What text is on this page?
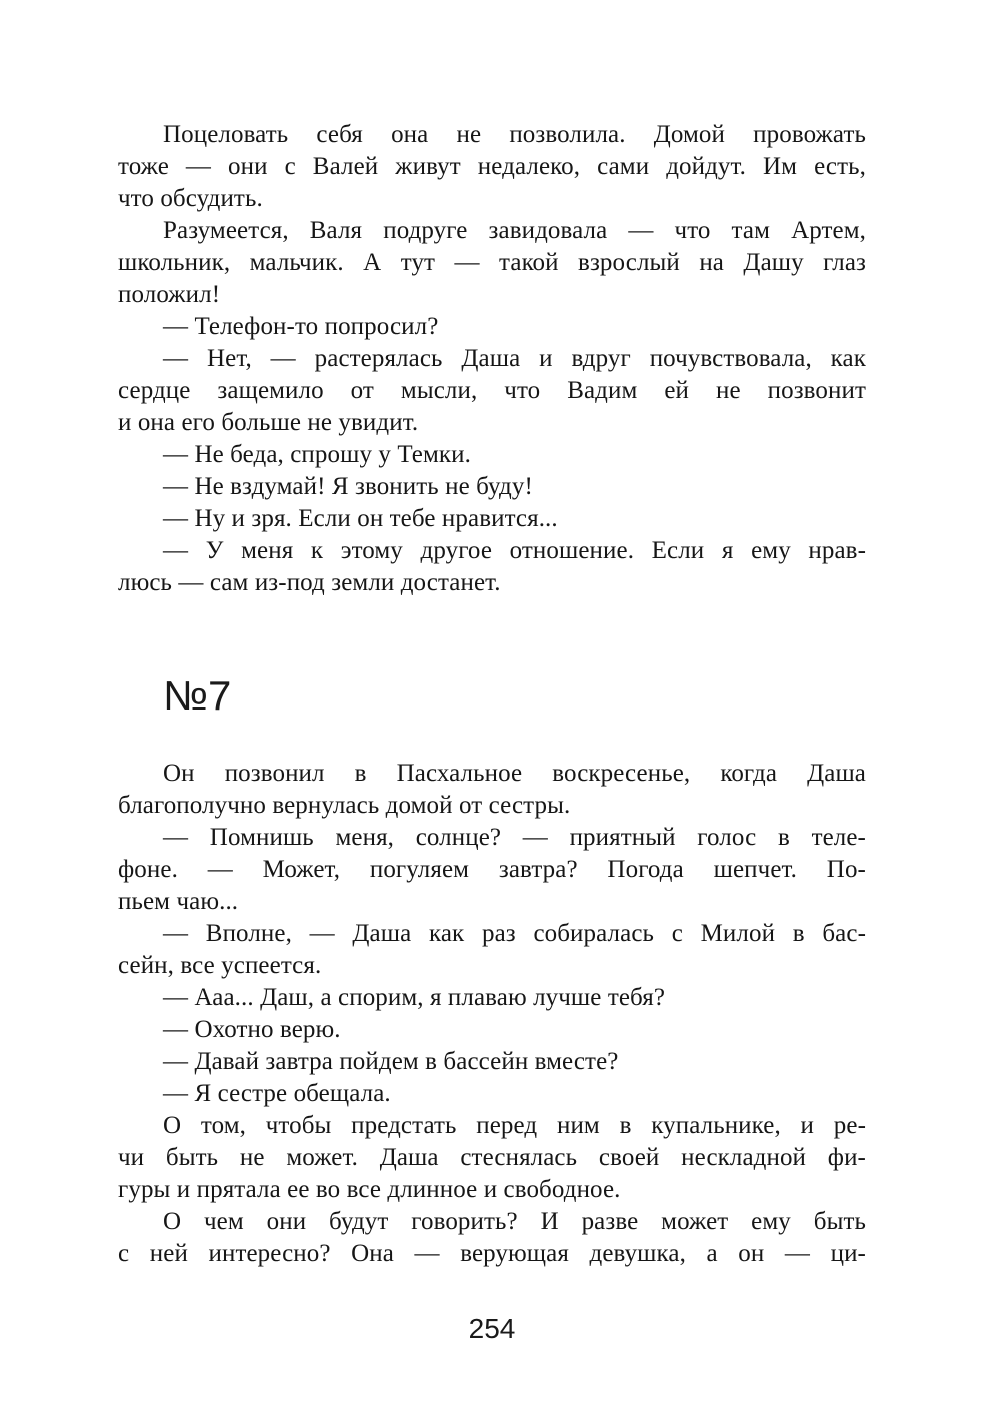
Поцеловать себя она не позволила. Домой провожать
тоже — они с Валей живут недалеко, сами дойдут. Им есть,
что обсудить.
Разумеется, Валя подруге завидовала — что там Артем,
школьник, мальчик. А тут — такой взрослый на Дашу глаз
положил!
— Телефон-то попросил?
— Нет, — растерялась Даша и вдруг почувствовала, как
сердце защемило от мысли, что Вадим ей не позвонит
и она его больше не увидит.
— Не беда, спрошу у Темки.
— Не вздумай! Я звонить не буду!
— Ну и зря. Если он тебе нравится...
— У меня к этому другое отношение. Если я ему нрав-
люсь — сам из-под земли достанет.
№7
Он позвонил в Пасхальное воскресенье, когда Даша
благополучно вернулась домой от сестры.
— Помнишь меня, солнце? — приятный голос в теле-
фоне. — Может, погуляем завтра? Погода шепчет. По-
пьем чаю...
— Вполне, — Даша как раз собиралась с Милой в бас-
сейн, все успеется.
— Ааа... Даш, а спорим, я плаваю лучше тебя?
— Охотно верю.
— Давай завтра пойдем в бассейн вместе?
— Я сестре обещала.
О том, чтобы предстать перед ним в купальнике, и ре-
чи быть не может. Даша стеснялась своей нескладной фи-
гуры и прятала ее во все длинное и свободное.
О чем они будут говорить? И разве может ему быть
с ней интересно? Она — верующая девушка, а он — ци-
254
